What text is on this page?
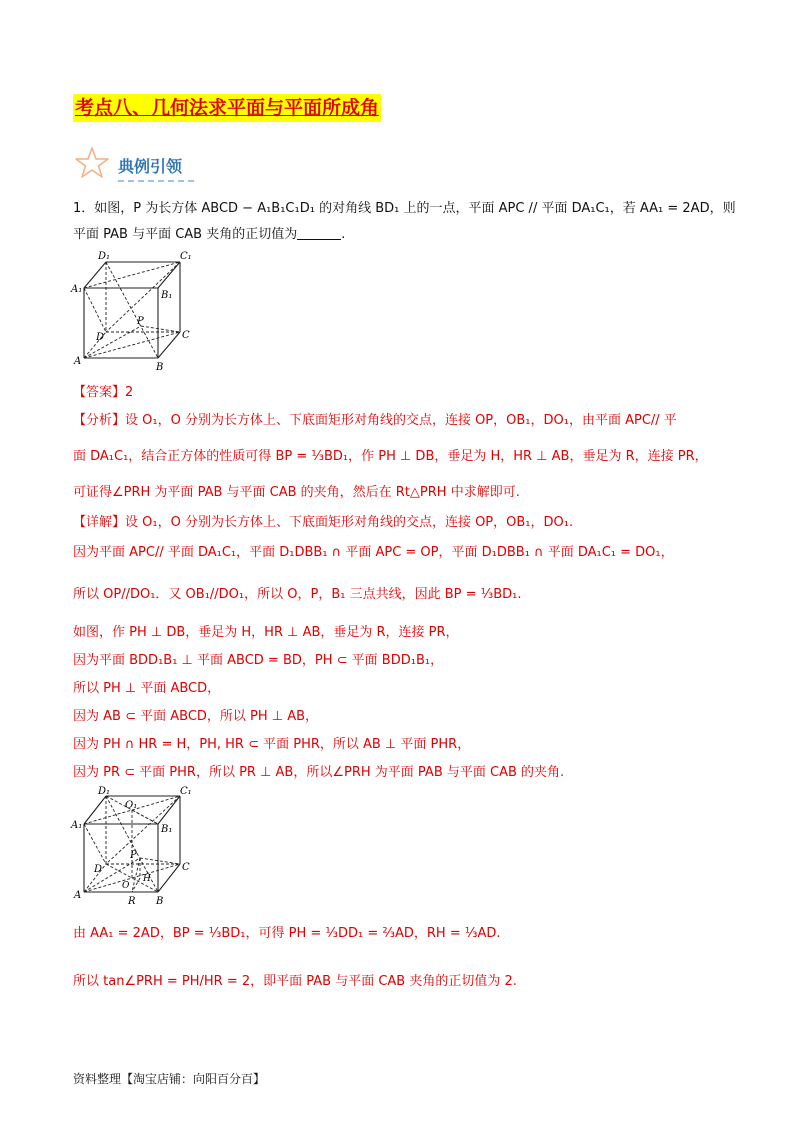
考点八、几何法求平面与平面所成角
典例引领
1．如图，P 为长方体 ABCD − A₁B₁C₁D₁ 的对角线 BD₁ 上的一点，平面 APC // 平面 DA₁C₁，若 AA₁ = 2AD，则
平面 PAB 与平面 CAB 夹角的正切值为	.
D₁	C₁
A₁
B₁
D
P
C
A
B
【答案】2
【分析】设 O₁，O 分别为长方体上、下底面矩形对角线的交点，连接 OP，OB₁，DO₁，由平面 APC// 平
面 DA₁C₁，结合正方体的性质可得 BP = ⅓BD₁，作 PH ⊥ DB，垂足为 H，HR ⊥ AB，垂足为 R，连接 PR，
可证得∠PRH 为平面 PAB 与平面 CAB 的夹角，然后在 Rt△PRH 中求解即可.
【详解】设 O₁，O 分别为长方体上、下底面矩形对角线的交点，连接 OP，OB₁，DO₁.
因为平面 APC// 平面 DA₁C₁，平面 D₁DBB₁ ∩ 平面 APC = OP，平面 D₁DBB₁ ∩ 平面 DA₁C₁ = DO₁，
所以 OP//DO₁．又 OB₁//DO₁，所以 O，P，B₁ 三点共线，因此 BP = ⅓BD₁.
如图，作 PH ⊥ DB，垂足为 H，HR ⊥ AB，垂足为 R，连接 PR，
因为平面 BDD₁B₁ ⊥ 平面 ABCD = BD，PH ⊂ 平面 BDD₁B₁，
所以 PH ⊥ 平面 ABCD，
因为 AB ⊂ 平面 ABCD，所以 PH ⊥ AB，
因为 PH ∩ HR = H，PH, HR ⊂ 平面 PHR，所以 AB ⊥ 平面 PHR，
因为 PR ⊂ 平面 PHR，所以 PR ⊥ AB，所以∠PRH 为平面 PAB 与平面 CAB 的夹角.
D₁
O₁
C₁
A₁	B₁
P
D
H
O
C
A
R B
由 AA₁ = 2AD，BP = ⅓BD₁，可得 PH = ⅓DD₁ = ⅔AD，RH = ⅓AD.
所以 tan∠PRH = PH/HR = 2，即平面 PAB 与平面 CAB 夹角的正切值为 2.
资料整理【淘宝店铺：向阳百分百】
